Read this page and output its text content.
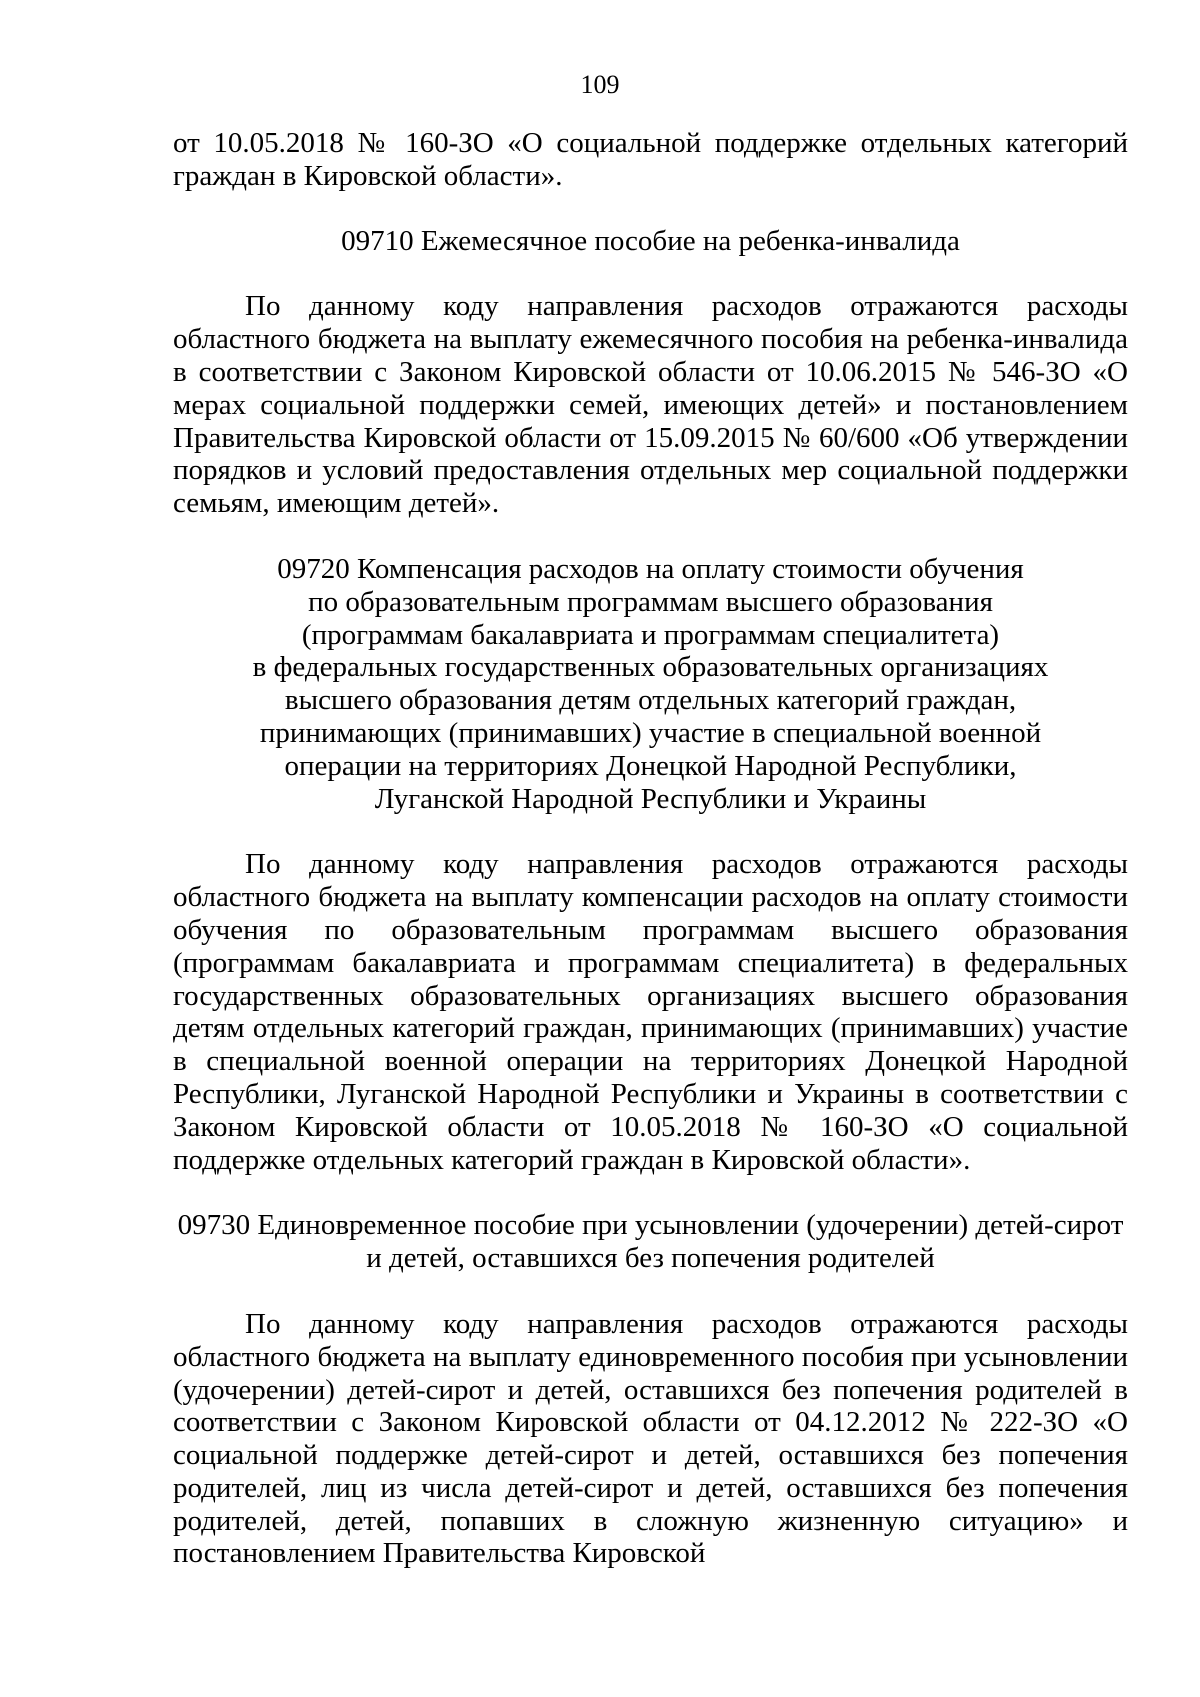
109

от 10.05.2018 № 160-ЗО «О социальной поддержке отдельных категорий граждан в Кировской области».

09710 Ежемесячное пособие на ребенка-инвалида

По данному коду направления расходов отражаются расходы областного бюджета на выплату ежемесячного пособия на ребенка-инвалида в соответствии с Законом Кировской области от 10.06.2015 № 546-ЗО «О мерах социальной поддержки семей, имеющих детей» и постановлением Правительства Кировской области от 15.09.2015 № 60/600 «Об утверждении порядков и условий предоставления отдельных мер социальной поддержки семьям, имеющим детей».

09720 Компенсация расходов на оплату стоимости обучения
по образовательным программам высшего образования
(программам бакалавриата и программам специалитета)
в федеральных государственных образовательных организациях
высшего образования детям отдельных категорий граждан,
принимающих (принимавших) участие в специальной военной
операции на территориях Донецкой Народной Республики,
Луганской Народной Республики и Украины

По данному коду направления расходов отражаются расходы областного бюджета на выплату компенсации расходов на оплату стоимости обучения по образовательным программам высшего образования (программам бакалавриата и программам специалитета) в федеральных государственных образовательных организациях высшего образования детям отдельных категорий граждан, принимающих (принимавших) участие в специальной военной операции на территориях Донецкой Народной Республики, Луганской Народной Республики и Украины в соответствии с Законом Кировской области от 10.05.2018 № 160-ЗО «О социальной поддержке отдельных категорий граждан в Кировской области».

09730 Единовременное пособие при усыновлении (удочерении) детей-сирот
и детей, оставшихся без попечения родителей

По данному коду направления расходов отражаются расходы областного бюджета на выплату единовременного пособия при усыновлении (удочерении) детей-сирот и детей, оставшихся без попечения родителей в соответствии с Законом Кировской области от 04.12.2012 № 222-ЗО «О социальной поддержке детей-сирот и детей, оставшихся без попечения родителей, лиц из числа детей-сирот и детей, оставшихся без попечения родителей, детей, попавших в сложную жизненную ситуацию» и постановлением Правительства Кировской
